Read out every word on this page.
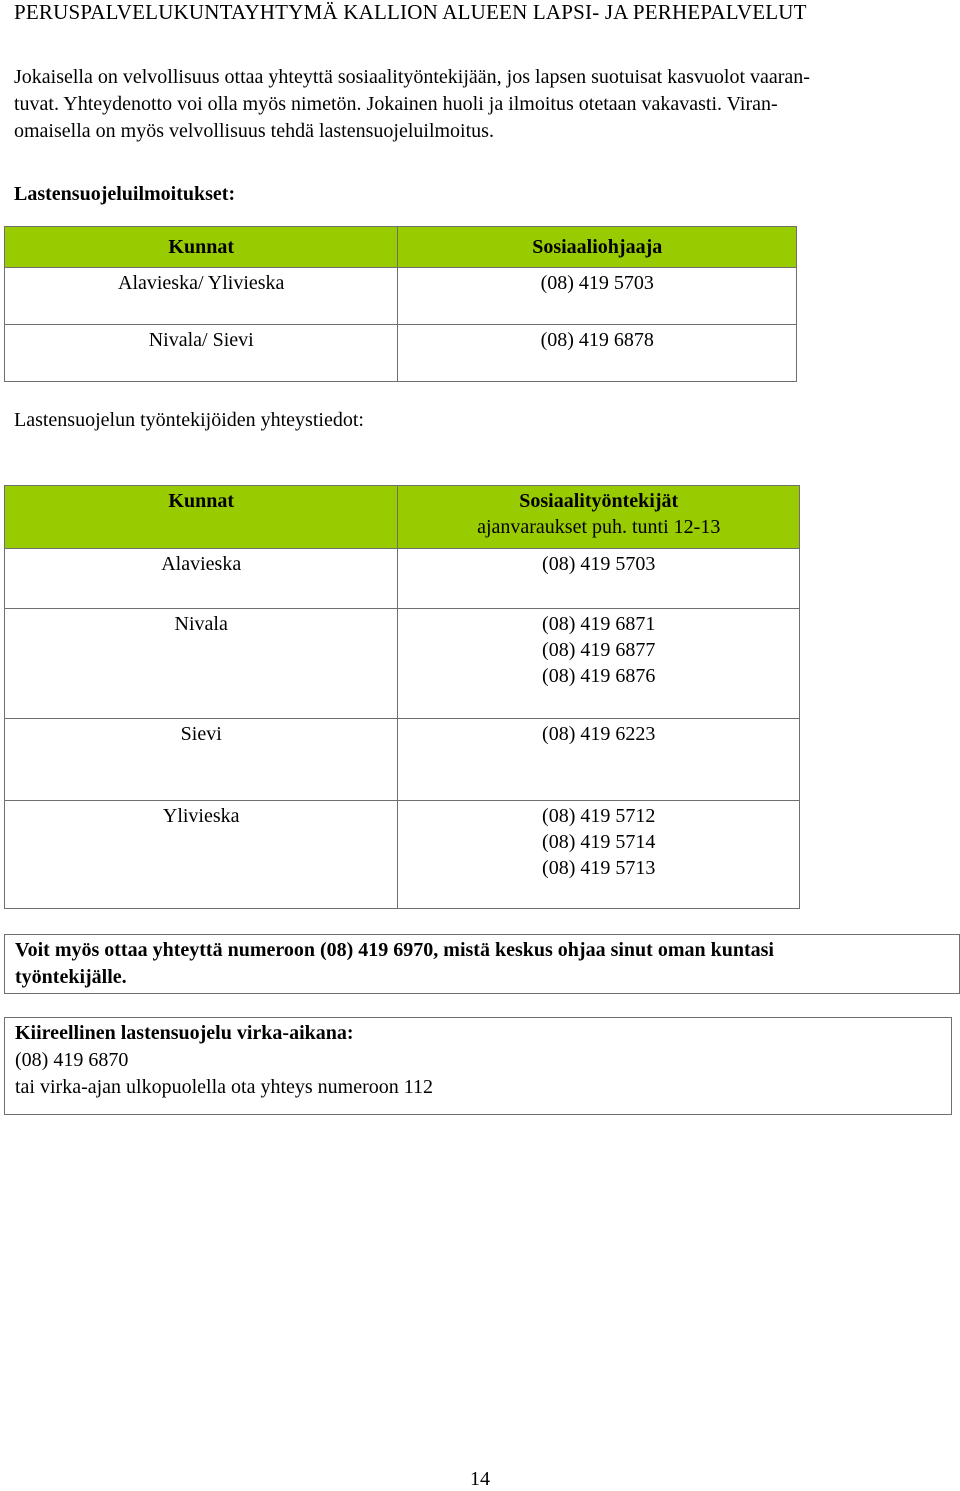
PERUSPALVELUKUNTAYHTYMÄ KALLION ALUEEN LAPSI- JA PERHEPALVELUT
Jokaisella on velvollisuus ottaa yhteyttä sosiaalityöntekijään, jos lapsen suotuisat kasvuolot vaaran-
tuvat. Yhteydenotto voi olla myös nimetön. Jokainen huoli ja ilmoitus otetaan vakavasti. Viran-
omaisella on myös velvollisuus tehdä lastensuojeluilmoitus.
Lastensuojeluilmoitukset:
Kunnat	Sosiaaliohjaaja
Alavieska/ Ylivieska	(08) 419 5703
Nivala/ Sievi	(08) 419 6878
Lastensuojelun työntekijöiden yhteystiedot:
Kunnat	Sosiaalityöntekijät
ajanvaraukset puh. tunti 12-13

Alavieska	(08) 419 5703

Nivala	(08) 419 6871
(08) 419 6877
(08) 419 6876

Sievi	(08) 419 6223

Ylivieska	(08) 419 5712
(08) 419 5714
(08) 419 5713
Voit myös ottaa yhteyttä numeroon (08) 419 6970, mistä keskus ohjaa sinut oman kuntasi
työntekijälle.
Kiireellinen lastensuojelu virka-aikana:
(08) 419 6870
tai virka-ajan ulkopuolella ota yhteys numeroon 112
14
